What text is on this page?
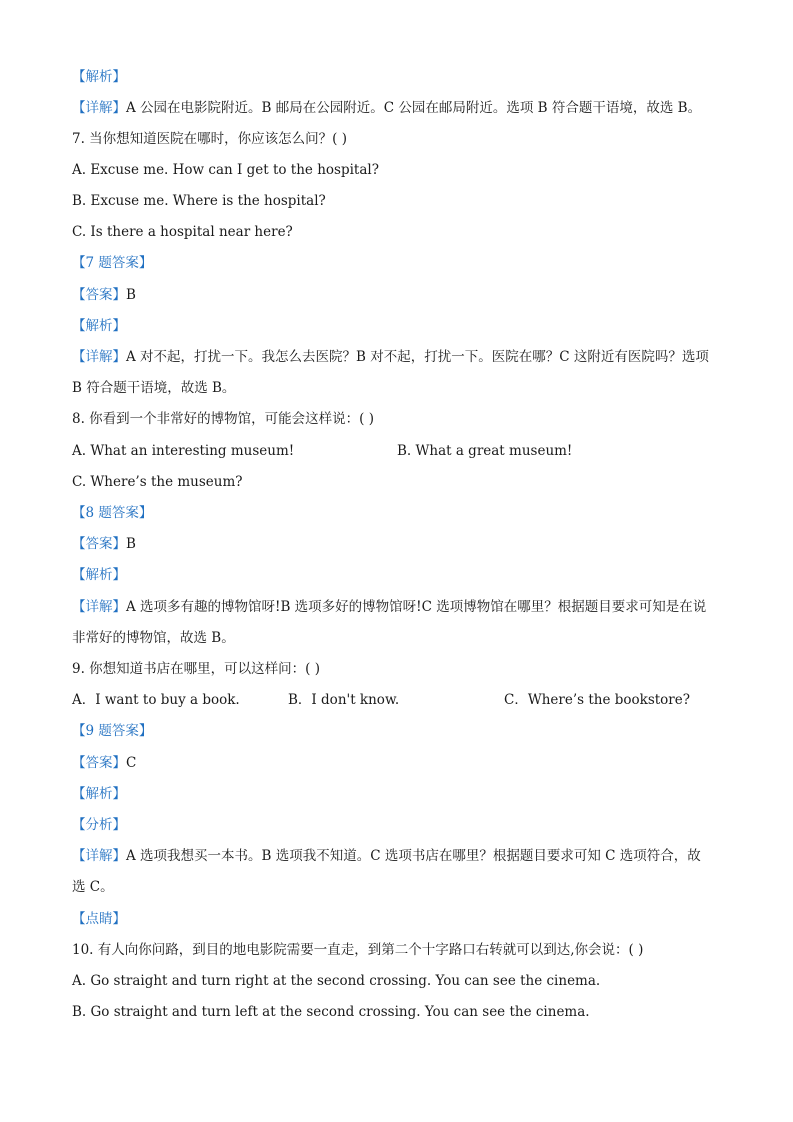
【解析】
【详解】A 公园在电影院附近。B 邮局在公园附近。C 公园在邮局附近。选项 B 符合题干语境，故选 B。
7. 当你想知道医院在哪时，你应该怎么问？( )
A. Excuse me. How can I get to the hospital?
B. Excuse me. Where is the hospital?
C. Is there a hospital near here?
【7 题答案】
【答案】B
【解析】
【详解】A 对不起，打扰一下。我怎么去医院？B 对不起，打扰一下。医院在哪？C 这附近有医院吗？选项
B 符合题干语境，故选 B。
8. 你看到一个非常好的博物馆，可能会这样说：( )
A. What an interesting museum!	B. What a great museum!
C. Where’s the museum?
【8 题答案】
【答案】B
【解析】
【详解】A 选项多有趣的博物馆呀!B 选项多好的博物馆呀!C 选项博物馆在哪里？根据题目要求可知是在说
非常好的博物馆，故选 B。
9. 你想知道书店在哪里，可以这样问：( )
A．I want to buy a book.	B．I don't know.	C．Where’s the bookstore?
【9 题答案】
【答案】C
【解析】
【分析】
【详解】A 选项我想买一本书。B 选项我不知道。C 选项书店在哪里？根据题目要求可知 C 选项符合，故
选 C。
【点睛】
10. 有人向你问路，到目的地电影院需要一直走，到第二个十字路口右转就可以到达,你会说：( )
A. Go straight and turn right at the second crossing. You can see the cinema.
B. Go straight and turn left at the second crossing. You can see the cinema.
